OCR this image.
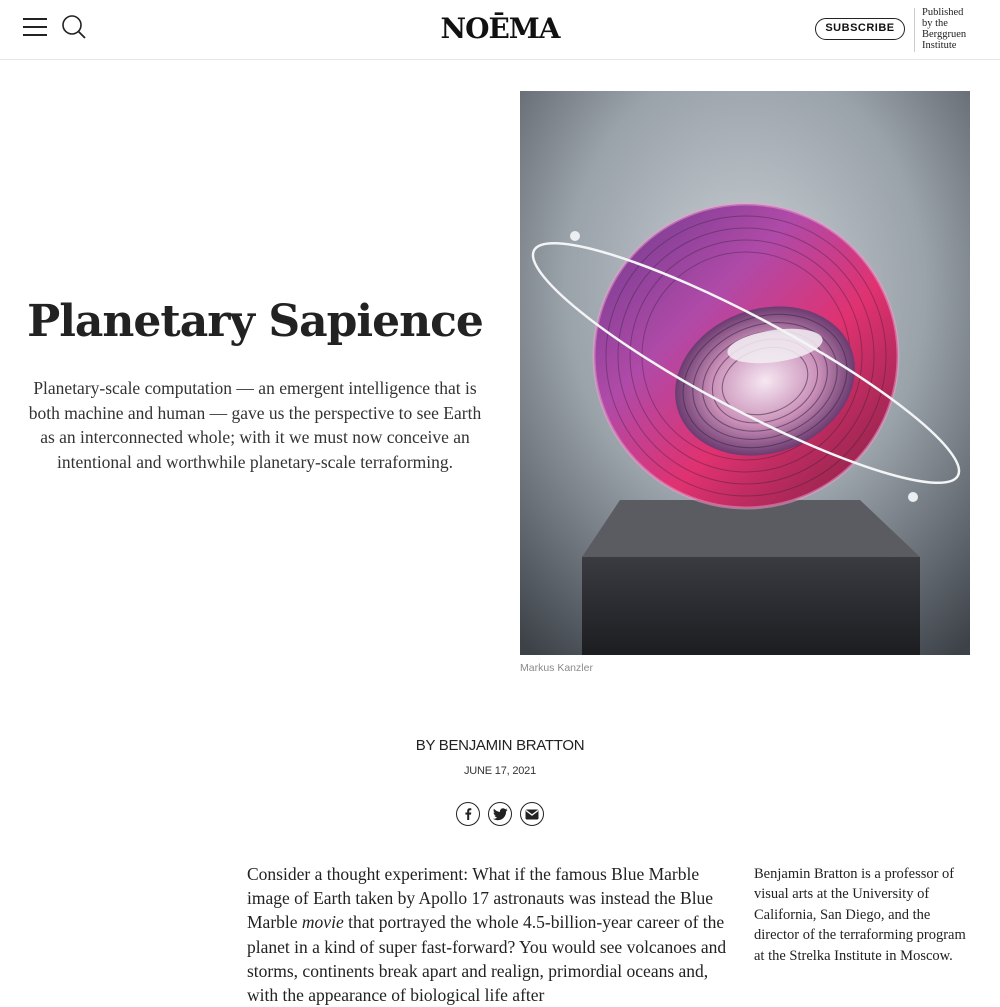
NOĒMA	SUBSCRIBE
Published
by the
Berggruen
Institute
Planetary Sapience

Planetary-scale computation — an emergent intelligence that is both machine and human — gave us the perspective to see Earth as an interconnected whole; with it we must now conceive an intentional and worthwhile planetary-scale terraforming.

Markus Kanzler
BY BENJAMIN BRATTON
JUNE 17, 2021

Consider a thought experiment: What if the famous Blue Marble image of Earth taken by Apollo 17 astronauts was instead the Blue Marble movie that portrayed the whole 4.5-billion-year career of the planet in a kind of super fast-forward? You would see volcanoes and storms, continents break apart and realign, primordial oceans and, with the appearance of biological life after

Benjamin Bratton is a professor of visual arts at the University of California, San Diego, and the director of the terraforming program at the Strelka Institute in Moscow.
